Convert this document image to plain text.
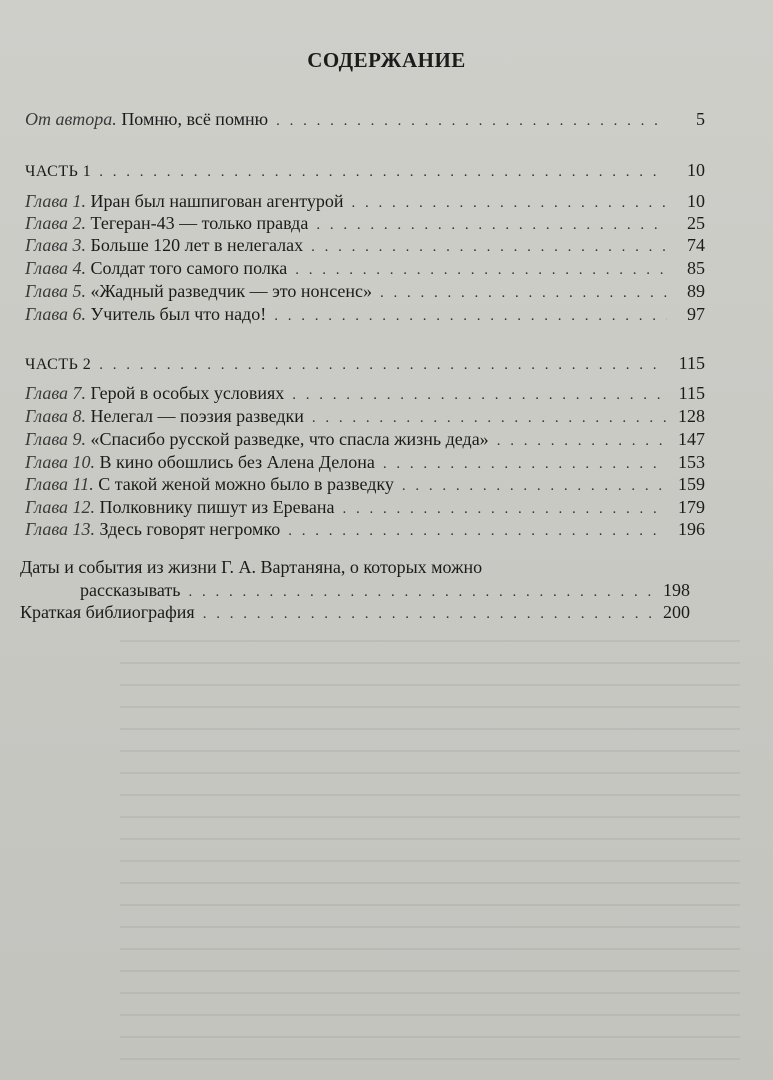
СОДЕРЖАНИЕ
От автора. Помню, всё помню . . .	5
ЧАСТЬ 1 . . .	10
Глава 1. Иран был нашпигован агентурой . . .	10
Глава 2. Тегеран-43 — только правда . . .	25
Глава 3. Больше 120 лет в нелегалах . . .	74
Глава 4. Солдат того самого полка . . .	85
Глава 5. «Жадный разведчик — это нонсенс» . . .	89
Глава 6. Учитель был что надо! . . .	97
ЧАСТЬ 2 . . .	115
Глава 7. Герой в особых условиях . . .	115
Глава 8. Нелегал — поэзия разведки . . .	128
Глава 9. «Спасибо русской разведке, что спасла жизнь деда» . . .	147
Глава 10. В кино обошлись без Алена Делона . . .	153
Глава 11. С такой женой можно было в разведку . . .	159
Глава 12. Полковнику пишут из Еревана . . .	179
Глава 13. Здесь говорят негромко . . .	196
Даты и события из жизни Г. А. Вартаняна, о которых можно
рассказывать . . .	198
Краткая библиография . . .	200
